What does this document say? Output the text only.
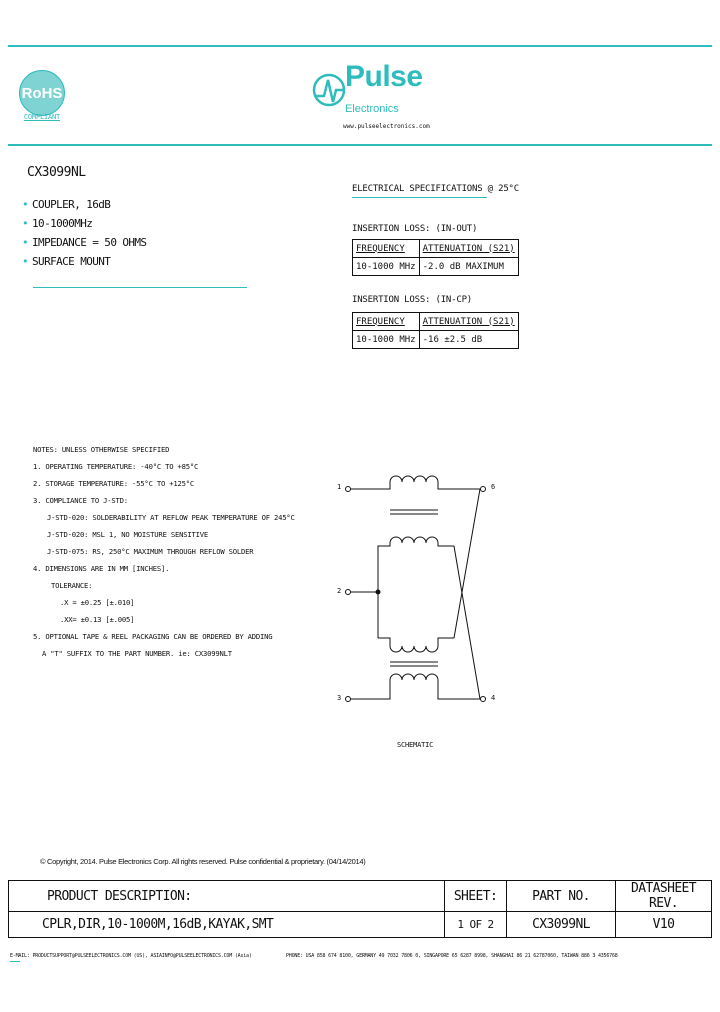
RoHS
COMPLIANT
Pulse
Electronics
www.pulseelectronics.com
CX3099NL
• COUPLER, 16dB
• 10-1000MHz
• IMPEDANCE = 50 OHMS
• SURFACE MOUNT
ELECTRICAL SPECIFICATIONS @ 25°C
INSERTION LOSS: (IN-OUT)
FREQUENCY	ATTENUATION (S21)
10-1000 MHz	-2.0 dB MAXIMUM
INSERTION LOSS: (IN-CP)
FREQUENCY	ATTENUATION (S21)
10-1000 MHz	-16 ±2.5 dB
NOTES: UNLESS OTHERWISE SPECIFIED
1. OPERATING TEMPERATURE: -40°C TO +85°C
2. STORAGE TEMPERATURE: -55°C TO +125°C
3. COMPLIANCE TO J-STD:
J-STD-020: SOLDERABILITY AT REFLOW PEAK TEMPERATURE OF 245°C
J-STD-020: MSL 1, NO MOISTURE SENSITIVE
J-STD-075: RS, 250°C MAXIMUM THROUGH REFLOW SOLDER
4. DIMENSIONS ARE IN MM [INCHES].
TOLERANCE:
.X = ±0.25 [±.010]
.XX= ±0.13 [±.005]
5. OPTIONAL TAPE & REEL PACKAGING CAN BE ORDERED BY ADDING
A "T" SUFFIX TO THE PART NUMBER. ie: CX3099NLT
1
2
3
6
4
SCHEMATIC
© Copyright, 2014. Pulse Electronics Corp. All rights reserved. Pulse confidential & proprietary. (04/14/2014)
PRODUCT DESCRIPTION:	SHEET:	PART NO.	DATASHEET REV.
CPLR,DIR,10-1000M,16dB,KAYAK,SMT	1 OF 2	CX3099NL	V10
E-MAIL: PRODUCTSUPPORT@PULSEELECTRONICS.COM (US), ASIAINFO@PULSEELECTRONICS.COM (Asia)	PHONE: USA 858 674 8100, GERMANY 49 7032 7806 0, SINGAPORE 65 6287 8998, SHANGHAI 86 21 62787060, TAIWAN 886 3 4356768
